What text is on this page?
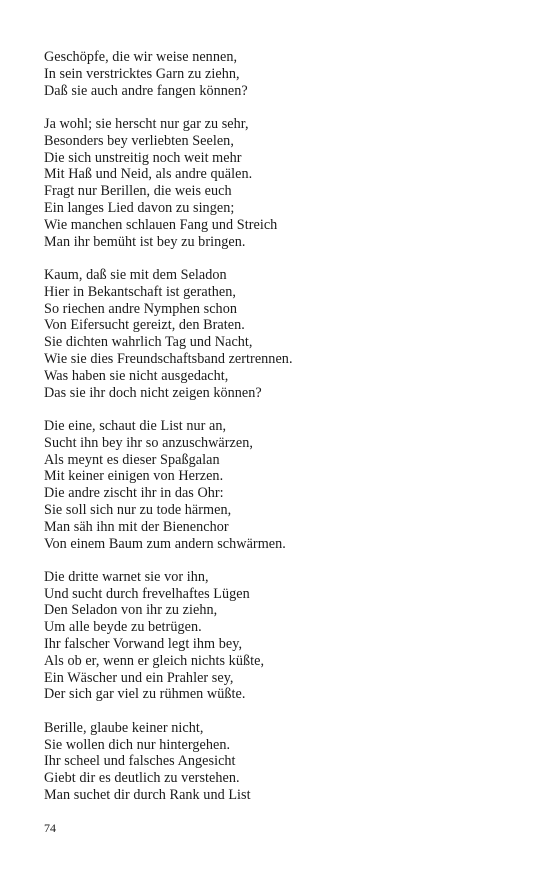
Geschöpfe, die wir weise nennen,
In sein verstricktes Garn zu ziehn,
Daß sie auch andre fangen können?
Ja wohl; sie herscht nur gar zu sehr,
Besonders bey verliebten Seelen,
Die sich unstreitig noch weit mehr
Mit Haß und Neid, als andre quälen.
Fragt nur Berillen, die weis euch
Ein langes Lied davon zu singen;
Wie manchen schlauen Fang und Streich
Man ihr bemüht ist bey zu bringen.
Kaum, daß sie mit dem Seladon
Hier in Bekantschaft ist gerathen,
So riechen andre Nymphen schon
Von Eifersucht gereizt, den Braten.
Sie dichten wahrlich Tag und Nacht,
Wie sie dies Freundschaftsband zertrennen.
Was haben sie nicht ausgedacht,
Das sie ihr doch nicht zeigen können?
Die eine, schaut die List nur an,
Sucht ihn bey ihr so anzuschwärzen,
Als meynt es dieser Spaßgalan
Mit keiner einigen von Herzen.
Die andre zischt ihr in das Ohr:
Sie soll sich nur zu tode härmen,
Man säh ihn mit der Bienenchor
Von einem Baum zum andern schwärmen.
Die dritte warnet sie vor ihn,
Und sucht durch frevelhaftes Lügen
Den Seladon von ihr zu ziehn,
Um alle beyde zu betrügen.
Ihr falscher Vorwand legt ihm bey,
Als ob er, wenn er gleich nichts küßte,
Ein Wäscher und ein Prahler sey,
Der sich gar viel zu rühmen wüßte.
Berille, glaube keiner nicht,
Sie wollen dich nur hintergehen.
Ihr scheel und falsches Angesicht
Giebt dir es deutlich zu verstehen.
Man suchet dir durch Rank und List
74
